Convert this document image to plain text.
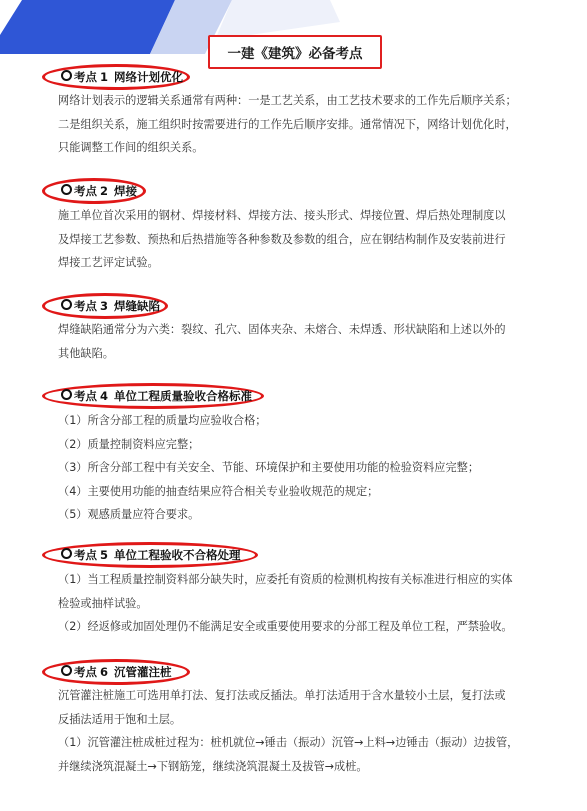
一建《建筑》必备考点
考点 1 网络计划优化
网络计划表示的逻辑关系通常有两种：一是工艺关系，由工艺技术要求的工作先后顺序关系；
二是组织关系，施工组织时按需要进行的工作先后顺序安排。通常情况下，网络计划优化时，
只能调整工作间的组织关系。
考点 2 焊接
施工单位首次采用的钢材、焊接材料、焊接方法、接头形式、焊接位置、焊后热处理制度以
及焊接工艺参数、预热和后热措施等各种参数及参数的组合，应在钢结构制作及安装前进行
焊接工艺评定试验。
考点 3 焊缝缺陷
焊缝缺陷通常分为六类：裂纹、孔穴、固体夹杂、未熔合、未焊透、形状缺陷和上述以外的
其他缺陷。
考点 4 单位工程质量验收合格标准
（1）所含分部工程的质量均应验收合格；
（2）质量控制资料应完整；
（3）所含分部工程中有关安全、节能、环境保护和主要使用功能的检验资料应完整；
（4）主要使用功能的抽查结果应符合相关专业验收规范的规定；
（5）观感质量应符合要求。
考点 5 单位工程验收不合格处理
（1）当工程质量控制资料部分缺失时，应委托有资质的检测机构按有关标准进行相应的实体
检验或抽样试验。
（2）经返修或加固处理仍不能满足安全或重要使用要求的分部工程及单位工程，严禁验收。
考点 6 沉管灌注桩
沉管灌注桩施工可选用单打法、复打法或反插法。单打法适用于含水量较小土层，复打法或
反插法适用于饱和土层。
（1）沉管灌注桩成桩过程为：桩机就位→锤击（振动）沉管→上料→边锤击（振动）边拔管，
并继续浇筑混凝土→下钢筋笼，继续浇筑混凝土及拔管→成桩。
